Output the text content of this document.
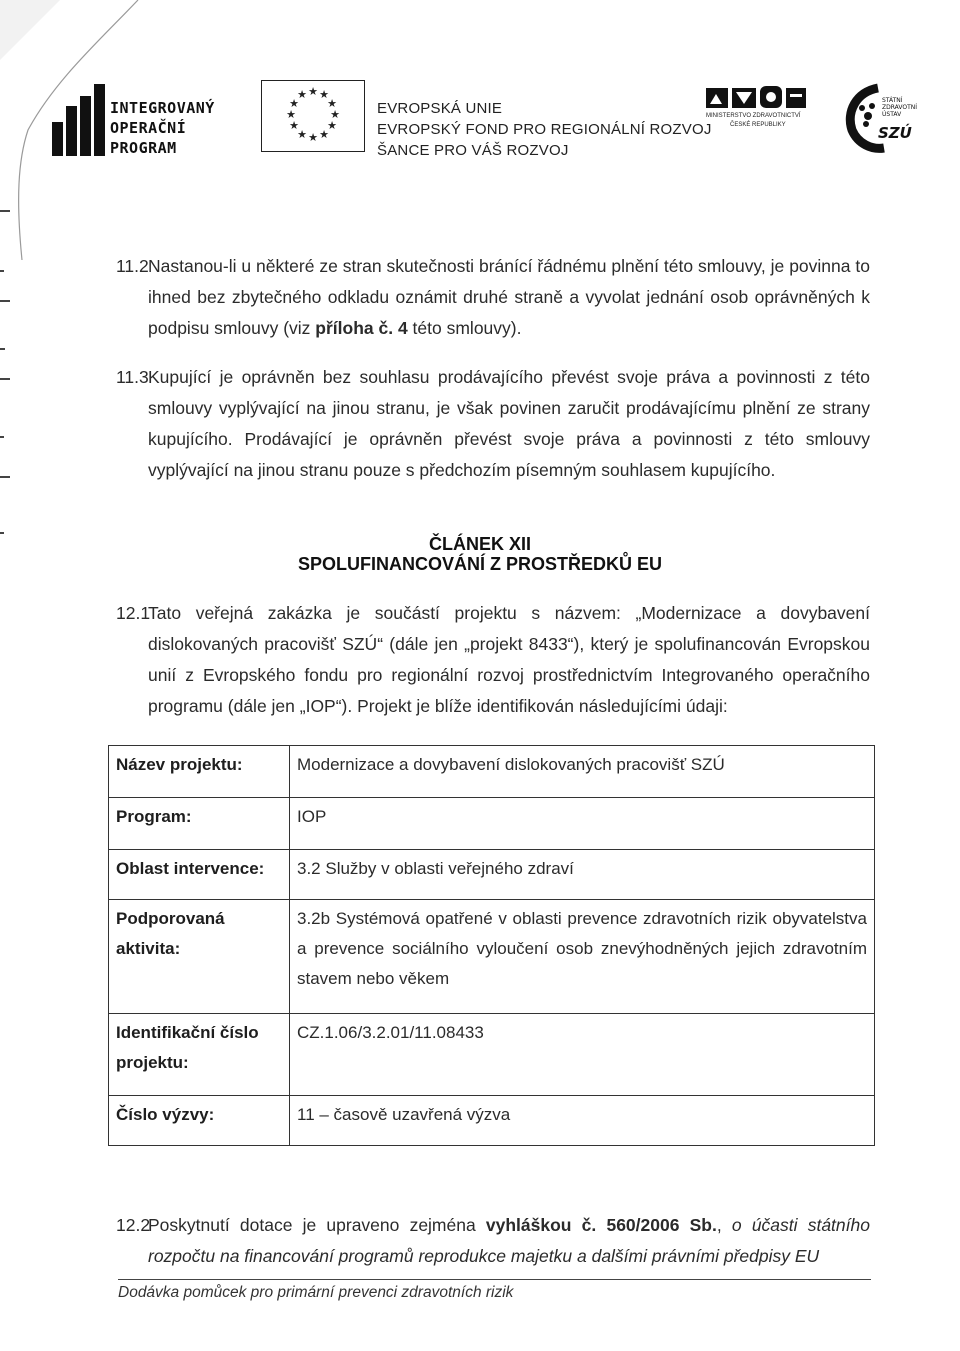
INTEGROVANÝ
OPERAČNÍ
PROGRAM
★ ★
★
★
★
★
★
★
★
★
★
★
EVROPSKÁ UNIE
EVROPSKÝ FOND PRO REGIONÁLNÍ ROZVOJ
ŠANCE PRO VÁŠ ROZVOJ
MINISTERSTVO ZDRAVOTNICTVÍ
ČESKÉ REPUBLIKY
STÁTNÍ
ZDRAVOTNÍ
ÚSTAV
SZÚ
11.2 Nastanou-li u některé ze stran skutečnosti bránící řádnému plnění této smlouvy, je povinna to ihned bez zbytečného odkladu oznámit druhé straně a vyvolat jednání osob oprávněných k podpisu smlouvy (viz příloha č. 4 této smlouvy).
11.3 Kupující je oprávněn bez souhlasu prodávajícího převést svoje práva a povinnosti z této smlouvy vyplývající na jinou stranu, je však povinen zaručit prodávajícímu plnění ze strany kupujícího. Prodávající je oprávněn převést svoje práva a povinnosti z této smlouvy vyplývající na jinou stranu pouze s předchozím písemným souhlasem kupujícího.
ČLÁNEK XII
SPOLUFINANCOVÁNÍ Z PROSTŘEDKŮ EU
12.1
Tato veřejná zakázka je součástí projektu s názvem: „Modernizace a dovybavení dislokovaných pracovišť SZÚ“ (dále jen „projekt 8433“), který je spolufinancován Evropskou unií z Evropského fondu pro regionální rozvoj prostřednictvím Integrovaného operačního programu (dále jen „IOP“). Projekt je blíže identifikován následujícími údaji:
Název projektu:	Modernizace a dovybavení dislokovaných pracovišť SZÚ
Program:	IOP
Oblast intervence:	3.2 Služby v oblasti veřejného zdraví
Podporovaná aktivita:	3.2b Systémová opatřené v oblasti prevence zdravotních rizik obyvatelstva a prevence sociálního vyloučení osob znevýhodněných jejich zdravotním stavem nebo věkem
Identifikační číslo projektu:	CZ.1.06/3.2.01/11.08433
Číslo výzvy:	11 – časově uzavřená výzva
12.2
Poskytnutí dotace je upraveno zejména vyhláškou č. 560/2006 Sb., o účasti státního rozpočtu na financování programů reprodukce majetku a dalšími právními předpisy EU
Dodávka pomůcek pro primární prevenci zdravotních rizik
